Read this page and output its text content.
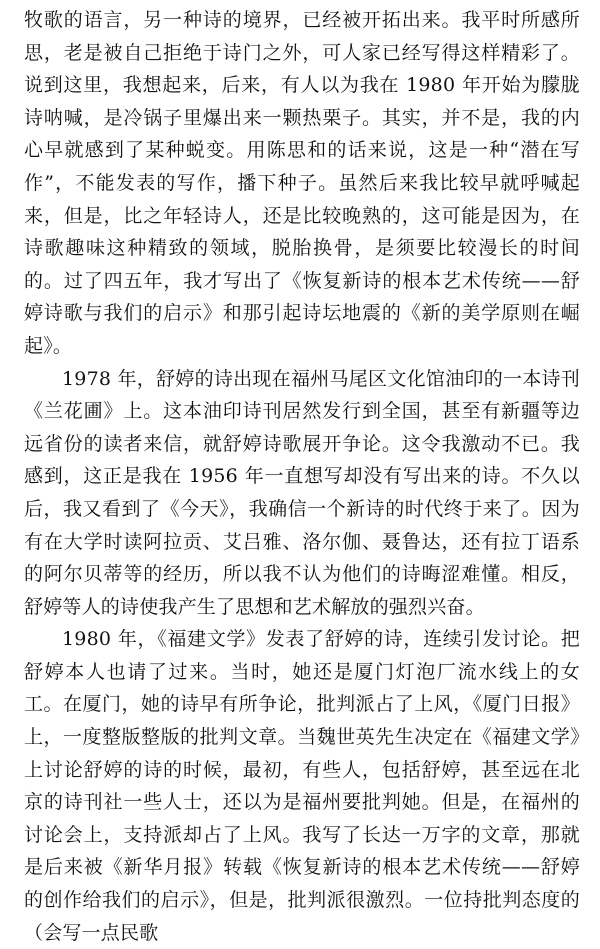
牧歌的语言，另一种诗的境界，已经被开拓出来。我平时所感所思，老是被自己拒绝于诗门之外，可人家已经写得这样精彩了。说到这里，我想起来，后来，有人以为我在 1980 年开始为朦胧诗呐喊，是冷锅子里爆出来一颗热栗子。其实，并不是，我的内心早就感到了某种蜕变。用陈思和的话来说，这是一种“潜在写作”，不能发表的写作，播下种子。虽然后来我比较早就呼喊起来，但是，比之年轻诗人，还是比较晚熟的，这可能是因为，在诗歌趣味这种精致的领域，脱胎换骨，是须要比较漫长的时间的。过了四五年，我才写出了《恢复新诗的根本艺术传统——舒婷诗歌与我们的启示》和那引起诗坛地震的《新的美学原则在崛起》。

1978 年，舒婷的诗出现在福州马尾区文化馆油印的一本诗刊《兰花圃》上。这本油印诗刊居然发行到全国，甚至有新疆等边远省份的读者来信，就舒婷诗歌展开争论。这令我激动不已。我感到，这正是我在 1956 年一直想写却没有写出来的诗。不久以后，我又看到了《今天》，我确信一个新诗的时代终于来了。因为有在大学时读阿拉贡、艾吕雅、洛尔伽、聂鲁达，还有拉丁语系的阿尔贝蒂等的经历，所以我不认为他们的诗晦涩难懂。相反，舒婷等人的诗使我产生了思想和艺术解放的强烈兴奋。

1980 年，《福建文学》发表了舒婷的诗，连续引发讨论。把舒婷本人也请了过来。当时，她还是厦门灯泡厂流水线上的女工。在厦门，她的诗早有所争论，批判派占了上风，《厦门日报》上，一度整版整版的批判文章。当魏世英先生决定在《福建文学》上讨论舒婷的诗的时候，最初，有些人，包括舒婷，甚至远在北京的诗刊社一些人士，还以为是福州要批判她。但是，在福州的讨论会上，支持派却占了上风。我写了长达一万字的文章，那就是后来被《新华月报》转载《恢复新诗的根本艺术传统——舒婷的创作给我们的启示》，但是，批判派很激烈。一位持批判态度的（会写一点民歌
